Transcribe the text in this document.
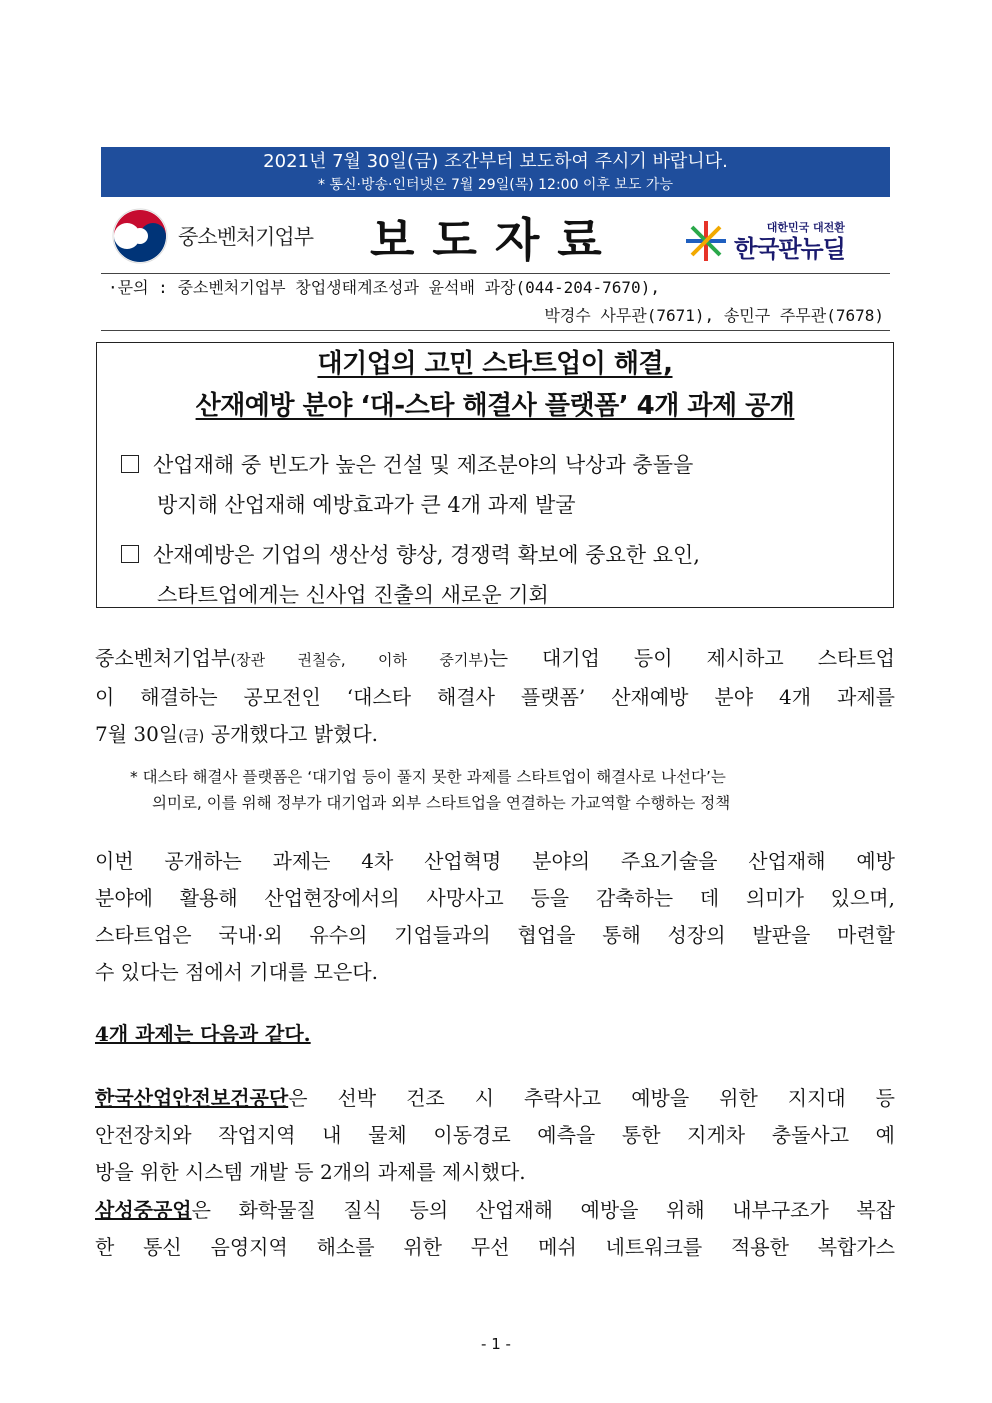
2021년 7월 30일(금) 조간부터 보도하여 주시기 바랍니다.
* 통신·방송·인터넷은 7월 29일(목) 12:00 이후 보도 가능
중소벤처기업부 보도자료	대한민국 대전환
한국판뉴딜
·문의 : 중소벤처기업부 창업생태계조성과 윤석배 과장(044-204-7670),
박경수 사무관(7671), 송민구 주무관(7678)
대기업의 고민 스타트업이 해결,
산재예방 분야 ‘대-스타 해결사 플랫폼’ 4개 과제 공개
산업재해 중 빈도가 높은 건설 및 제조분야의 낙상과 충돌을
방지해 산업재해 예방효과가 큰 4개 과제 발굴
산재예방은 기업의 생산성 향상, 경쟁력 확보에 중요한 요인,
스타트업에게는 신사업 진출의 새로운 기회
중소벤처기업부(장관 권칠승, 이하 중기부)는 대기업 등이 제시하고 스타트업
이 해결하는 공모전인 ‘대스타 해결사 플랫폼’ 산재예방 분야 4개 과제를
7월 30일(금) 공개했다고 밝혔다.
* 대스타 해결사 플랫폼은 ‘대기업 등이 풀지 못한 과제를 스타트업이 해결사로 나선다’는
의미로, 이를 위해 정부가 대기업과 외부 스타트업을 연결하는 가교역할 수행하는 정책
이번 공개하는 과제는 4차 산업혁명 분야의 주요기술을 산업재해 예방
분야에 활용해 산업현장에서의 사망사고 등을 감축하는 데 의미가 있으며,
스타트업은 국내·외 유수의 기업들과의 협업을 통해 성장의 발판을 마련할
수 있다는 점에서 기대를 모은다.
4개 과제는 다음과 같다.
한국산업안전보건공단은 선박 건조 시 추락사고 예방을 위한 지지대 등
안전장치와 작업지역 내 물체 이동경로 예측을 통한 지게차 충돌사고 예
방을 위한 시스템 개발 등 2개의 과제를 제시했다.
삼성중공업은 화학물질 질식 등의 산업재해 예방을 위해 내부구조가 복잡
한 통신 음영지역 해소를 위한 무선 메쉬 네트워크를 적용한 복합가스
- 1 -
